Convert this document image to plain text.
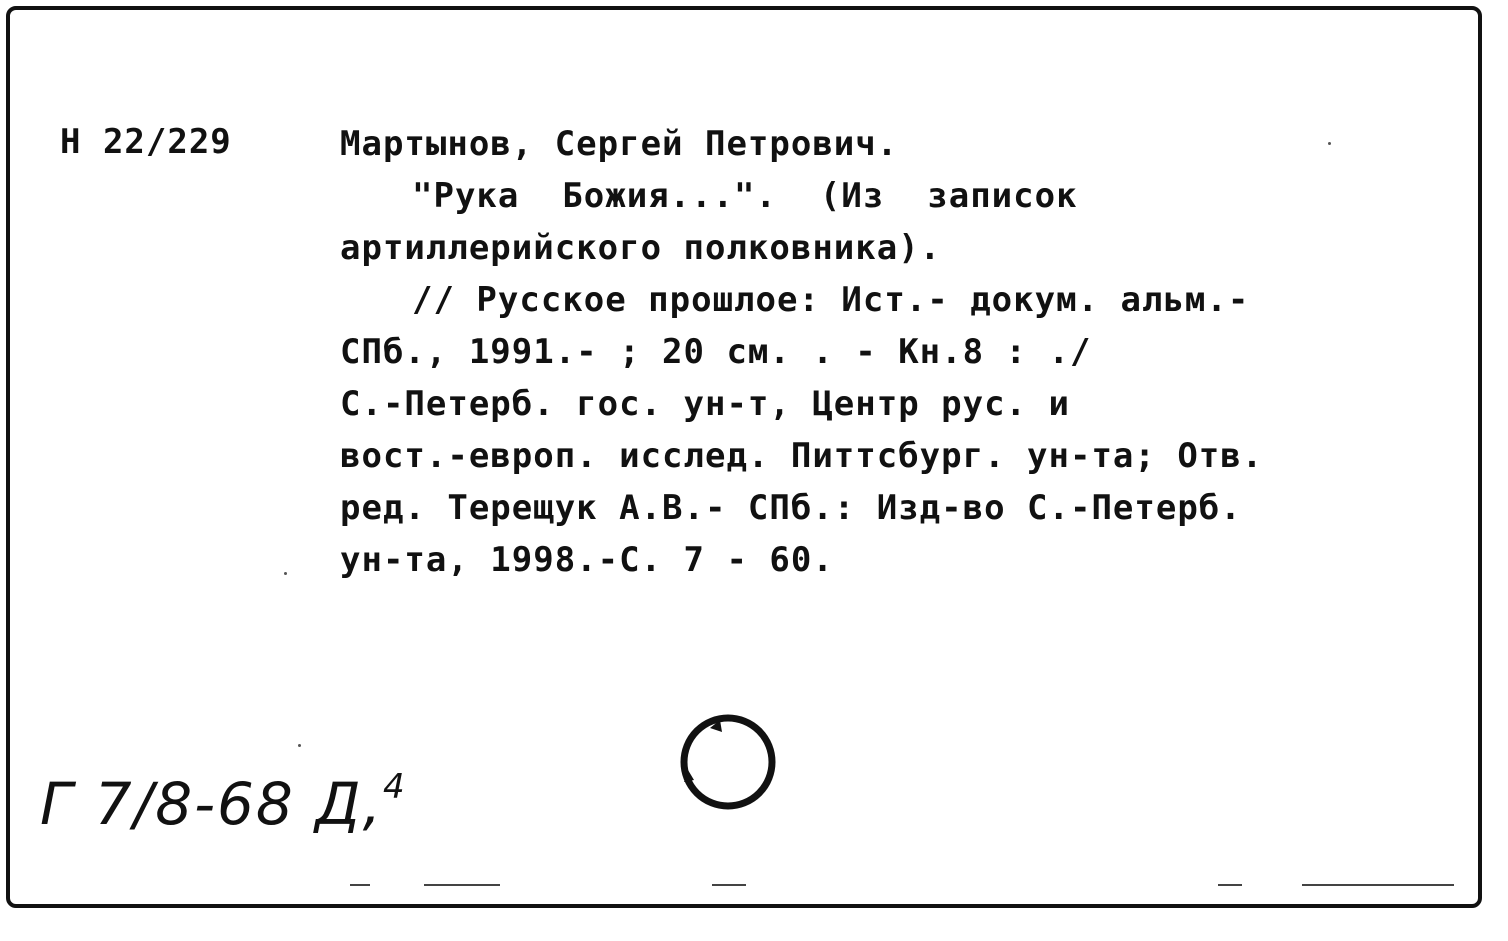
Н 22/229	Мартынов, Сергей Петрович.
"Рука  Божия...".  (Из  записок
артиллерийского полковника).
// Русское прошлое: Ист.- докум. альм.-
СПб., 1991.- ; 20 см. . - Кн.8 : ./
С.-Петерб. гос. ун-т, Центр рус. и
вост.-европ. исслед. Питтсбург. ун-та; Отв.
ред. Терещук А.В.- СПб.: Изд-во С.-Петерб.
ун-та, 1998.-С. 7 - 60.
Г 7/8-68 Д,$^4$
